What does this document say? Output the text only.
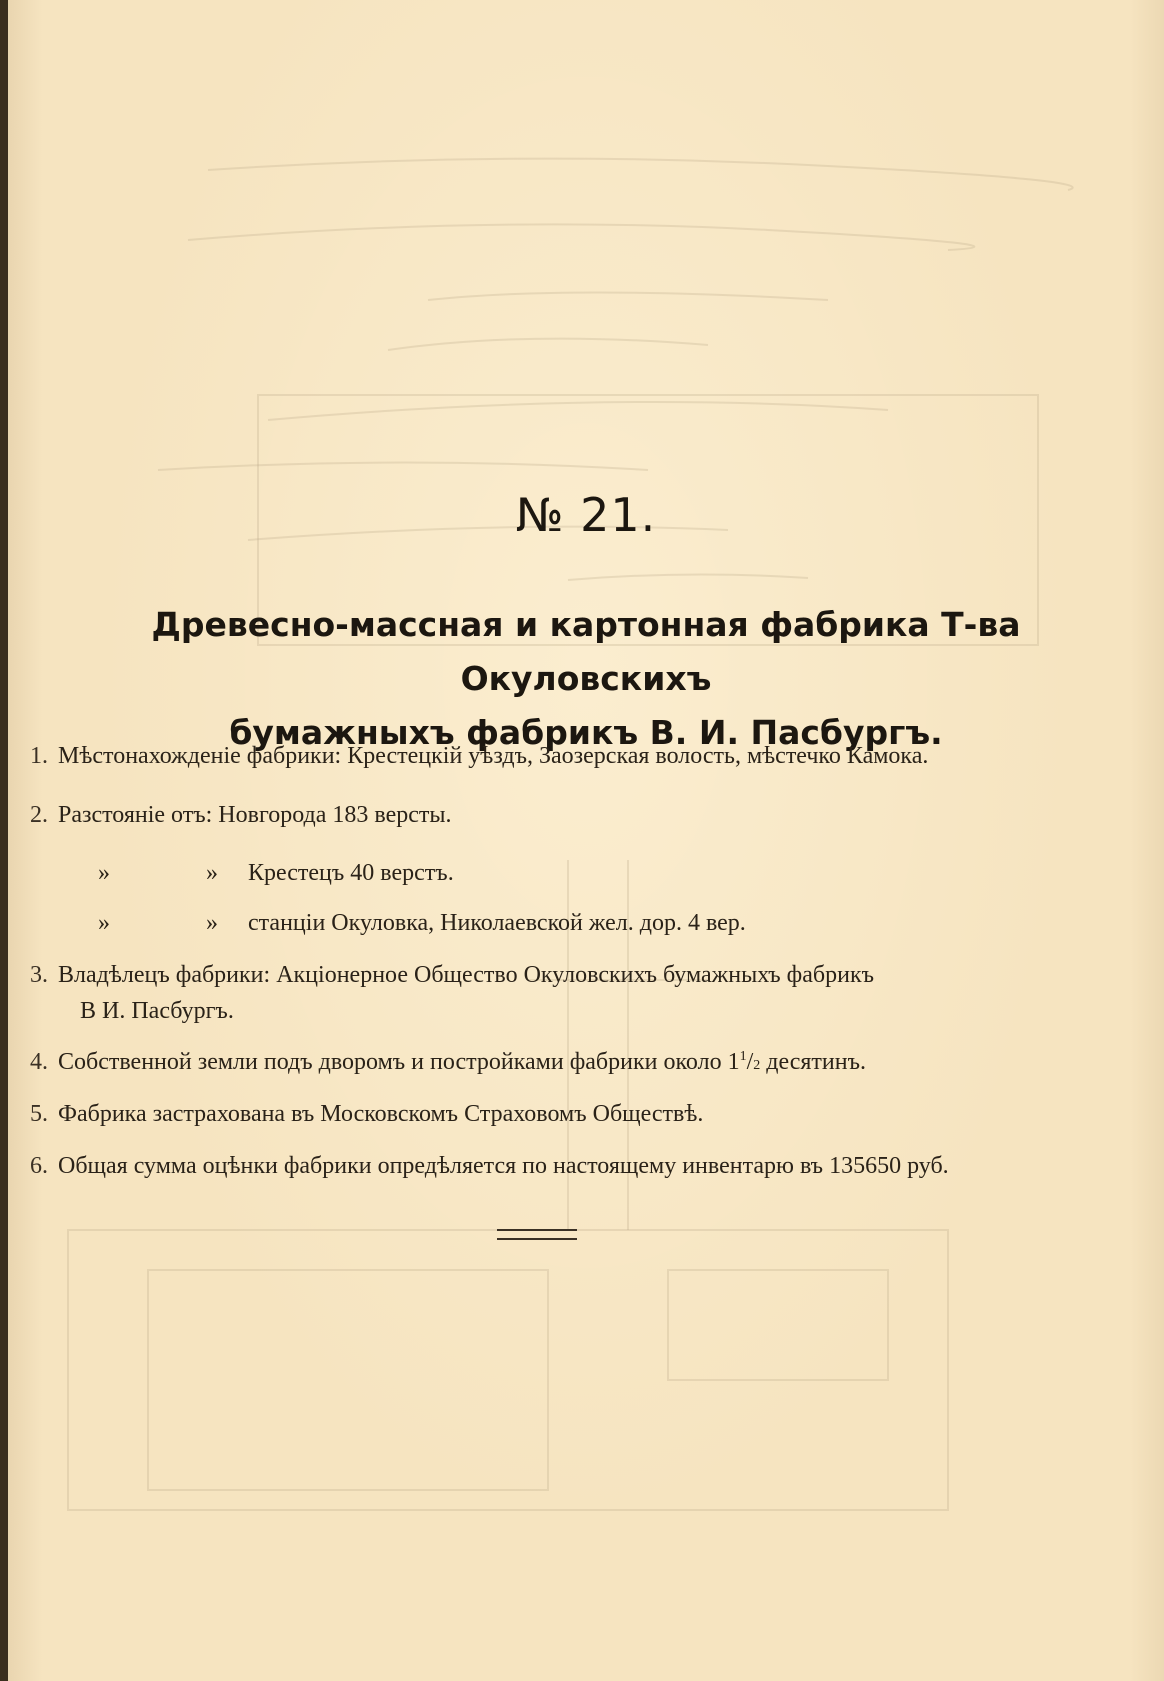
№ 21.
Древесно-массная и картонная фабрика Т-ва Окуловскихъ
бумажныхъ фабрикъ В. И. Пасбургъ.
1. Мѣстонахожденіе фабрики: Крестецкій уѣздъ, Заозерская волость, мѣстечко Камока.
2. Разстояніе отъ: Новгорода 183 версты.
»	» Крестецъ 40 верстъ.
»	» станціи Окуловка, Николаевской жел. дор. 4 вер.
3. Владѣлецъ фабрики: Акціонерное Общество Окуловскихъ бумажныхъ фабрикъ
В И. Пасбургъ.
4. Собственной земли подъ дворомъ и постройками фабрики около $1^1/2$ десятинъ.
5. Фабрика застрахована въ Московскомъ Страховомъ Обществѣ.
6. Общая сумма оцѣнки фабрики опредѣляется по настоящему инвентарю въ 135650 руб.
